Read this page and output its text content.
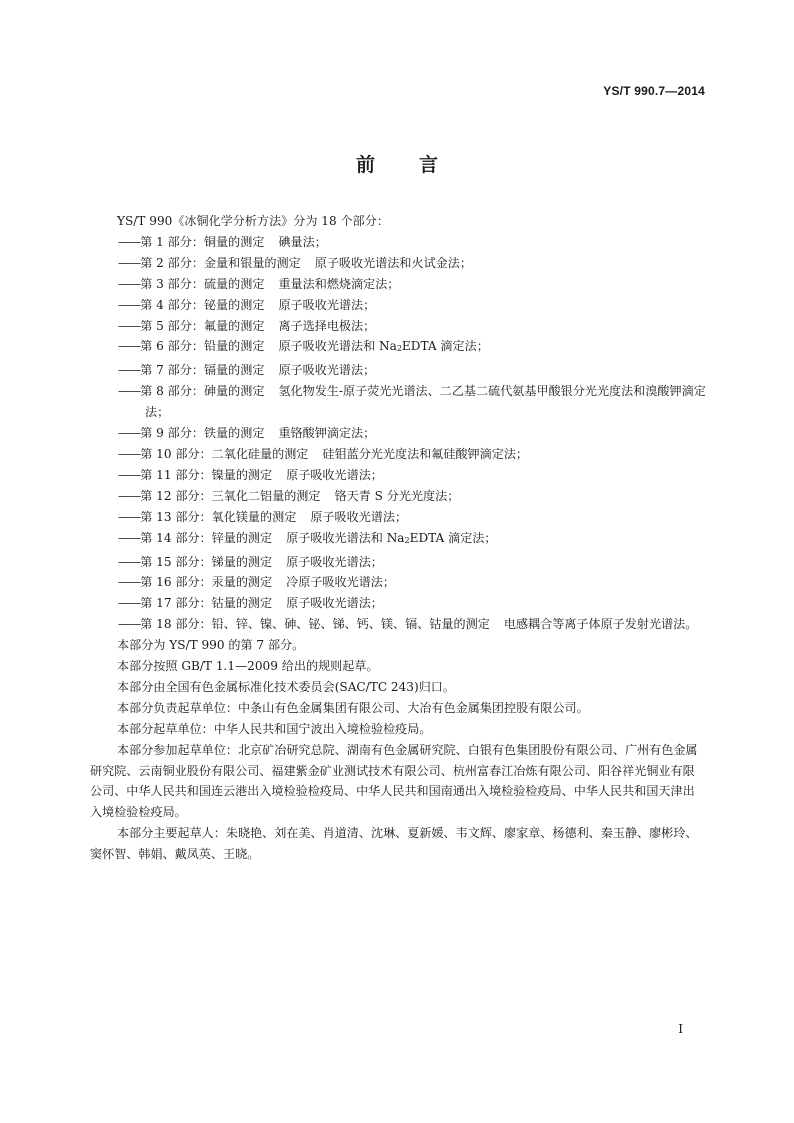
YS/T 990.7—2014
前言

YS/T 990《冰铜化学分析方法》分为 18 个部分：

——第 1 部分：铜量的测定 碘量法；

——第 2 部分：金量和银量的测定 原子吸收光谱法和火试金法；

——第 3 部分：硫量的测定 重量法和燃烧滴定法；

——第 4 部分：铋量的测定 原子吸收光谱法；

——第 5 部分：氟量的测定 离子选择电极法；

——第 6 部分：铅量的测定 原子吸收光谱法和 Na2EDTA 滴定法；

——第 7 部分：镉量的测定 原子吸收光谱法；

——第 8 部分：砷量的测定 氢化物发生-原子荧光光谱法、二乙基二硫代氨基甲酸银分光光度法和溴酸钾滴定法；

——第 9 部分：铁量的测定 重铬酸钾滴定法；

——第 10 部分：二氧化硅量的测定 硅钼蓝分光光度法和氟硅酸钾滴定法；

——第 11 部分：镍量的测定 原子吸收光谱法；

——第 12 部分：三氧化二铝量的测定 铬天青 S 分光光度法；

——第 13 部分：氧化镁量的测定 原子吸收光谱法；

——第 14 部分：锌量的测定 原子吸收光谱法和 Na2EDTA 滴定法；

——第 15 部分：锑量的测定 原子吸收光谱法；

——第 16 部分：汞量的测定 冷原子吸收光谱法；

——第 17 部分：钴量的测定 原子吸收光谱法；

——第 18 部分：铅、锌、镍、砷、铋、锑、钙、镁、镉、钴量的测定 电感耦合等离子体原子发射光谱法。

本部分为 YS/T 990 的第 7 部分。

本部分按照 GB/T 1.1—2009 给出的规则起草。

本部分由全国有色金属标准化技术委员会(SAC/TC 243)归口。

本部分负责起草单位：中条山有色金属集团有限公司、大冶有色金属集团控股有限公司。

本部分起草单位：中华人民共和国宁波出入境检验检疫局。

本部分参加起草单位：北京矿冶研究总院、湖南有色金属研究院、白银有色集团股份有限公司、广州有色金属研究院、云南铜业股份有限公司、福建紫金矿业测试技术有限公司、杭州富春江冶炼有限公司、阳谷祥光铜业有限公司、中华人民共和国连云港出入境检验检疫局、中华人民共和国南通出入境检验检疫局、中华人民共和国天津出入境检验检疫局。

本部分主要起草人：朱晓艳、刘在美、肖道清、沈琳、夏新媛、韦文辉、廖家章、杨德利、秦玉静、廖彬玲、窦怀智、韩娟、戴凤英、王晓。

I
